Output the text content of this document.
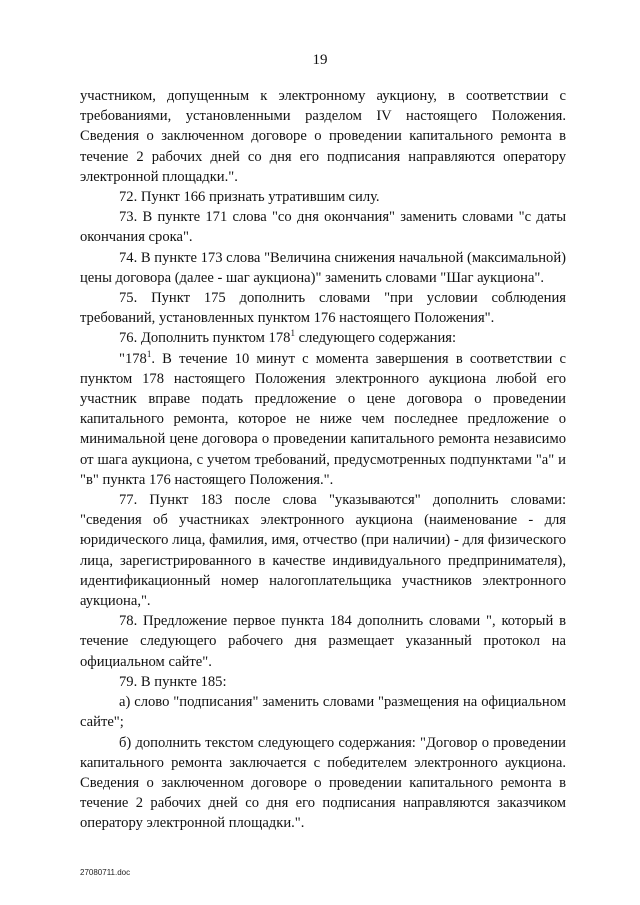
19

участником, допущенным к электронному аукциону, в соответствии с требованиями, установленными разделом IV настоящего Положения. Сведения о заключенном договоре о проведении капитального ремонта в течение 2 рабочих дней со дня его подписания направляются оператору электронной площадки.".

72. Пункт 166 признать утратившим силу.

73. В пункте 171 слова "со дня окончания" заменить словами "с даты окончания срока".

74. В пункте 173 слова "Величина снижения начальной (максимальной) цены договора (далее - шаг аукциона)" заменить словами "Шаг аукциона".

75. Пункт 175 дополнить словами "при условии соблюдения требований, установленных пунктом 176 настоящего Положения".

76. Дополнить пунктом $178^1$ следующего содержания:

"$178^1$. В течение 10 минут с момента завершения в соответствии с пунктом 178 настоящего Положения электронного аукциона любой его участник вправе подать предложение о цене договора о проведении капитального ремонта, которое не ниже чем последнее предложение о минимальной цене договора о проведении капитального ремонта независимо от шага аукциона, с учетом требований, предусмотренных подпунктами "а" и "в" пункта 176 настоящего Положения.".

77. Пункт 183 после слова "указываются" дополнить словами: "сведения об участниках электронного аукциона (наименование - для юридического лица, фамилия, имя, отчество (при наличии) - для физического лица, зарегистрированного в качестве индивидуального предпринимателя), идентификационный номер налогоплательщика участников электронного аукциона,".

78. Предложение первое пункта 184 дополнить словами ", который в течение следующего рабочего дня размещает указанный протокол на официальном сайте".

79. В пункте 185:

а) слово "подписания" заменить словами "размещения на официальном сайте";

б) дополнить текстом следующего содержания: "Договор о проведении капитального ремонта заключается с победителем электронного аукциона. Сведения о заключенном договоре о проведении капитального ремонта в течение 2 рабочих дней со дня его подписания направляются заказчиком оператору электронной площадки.".

27080711.doc
